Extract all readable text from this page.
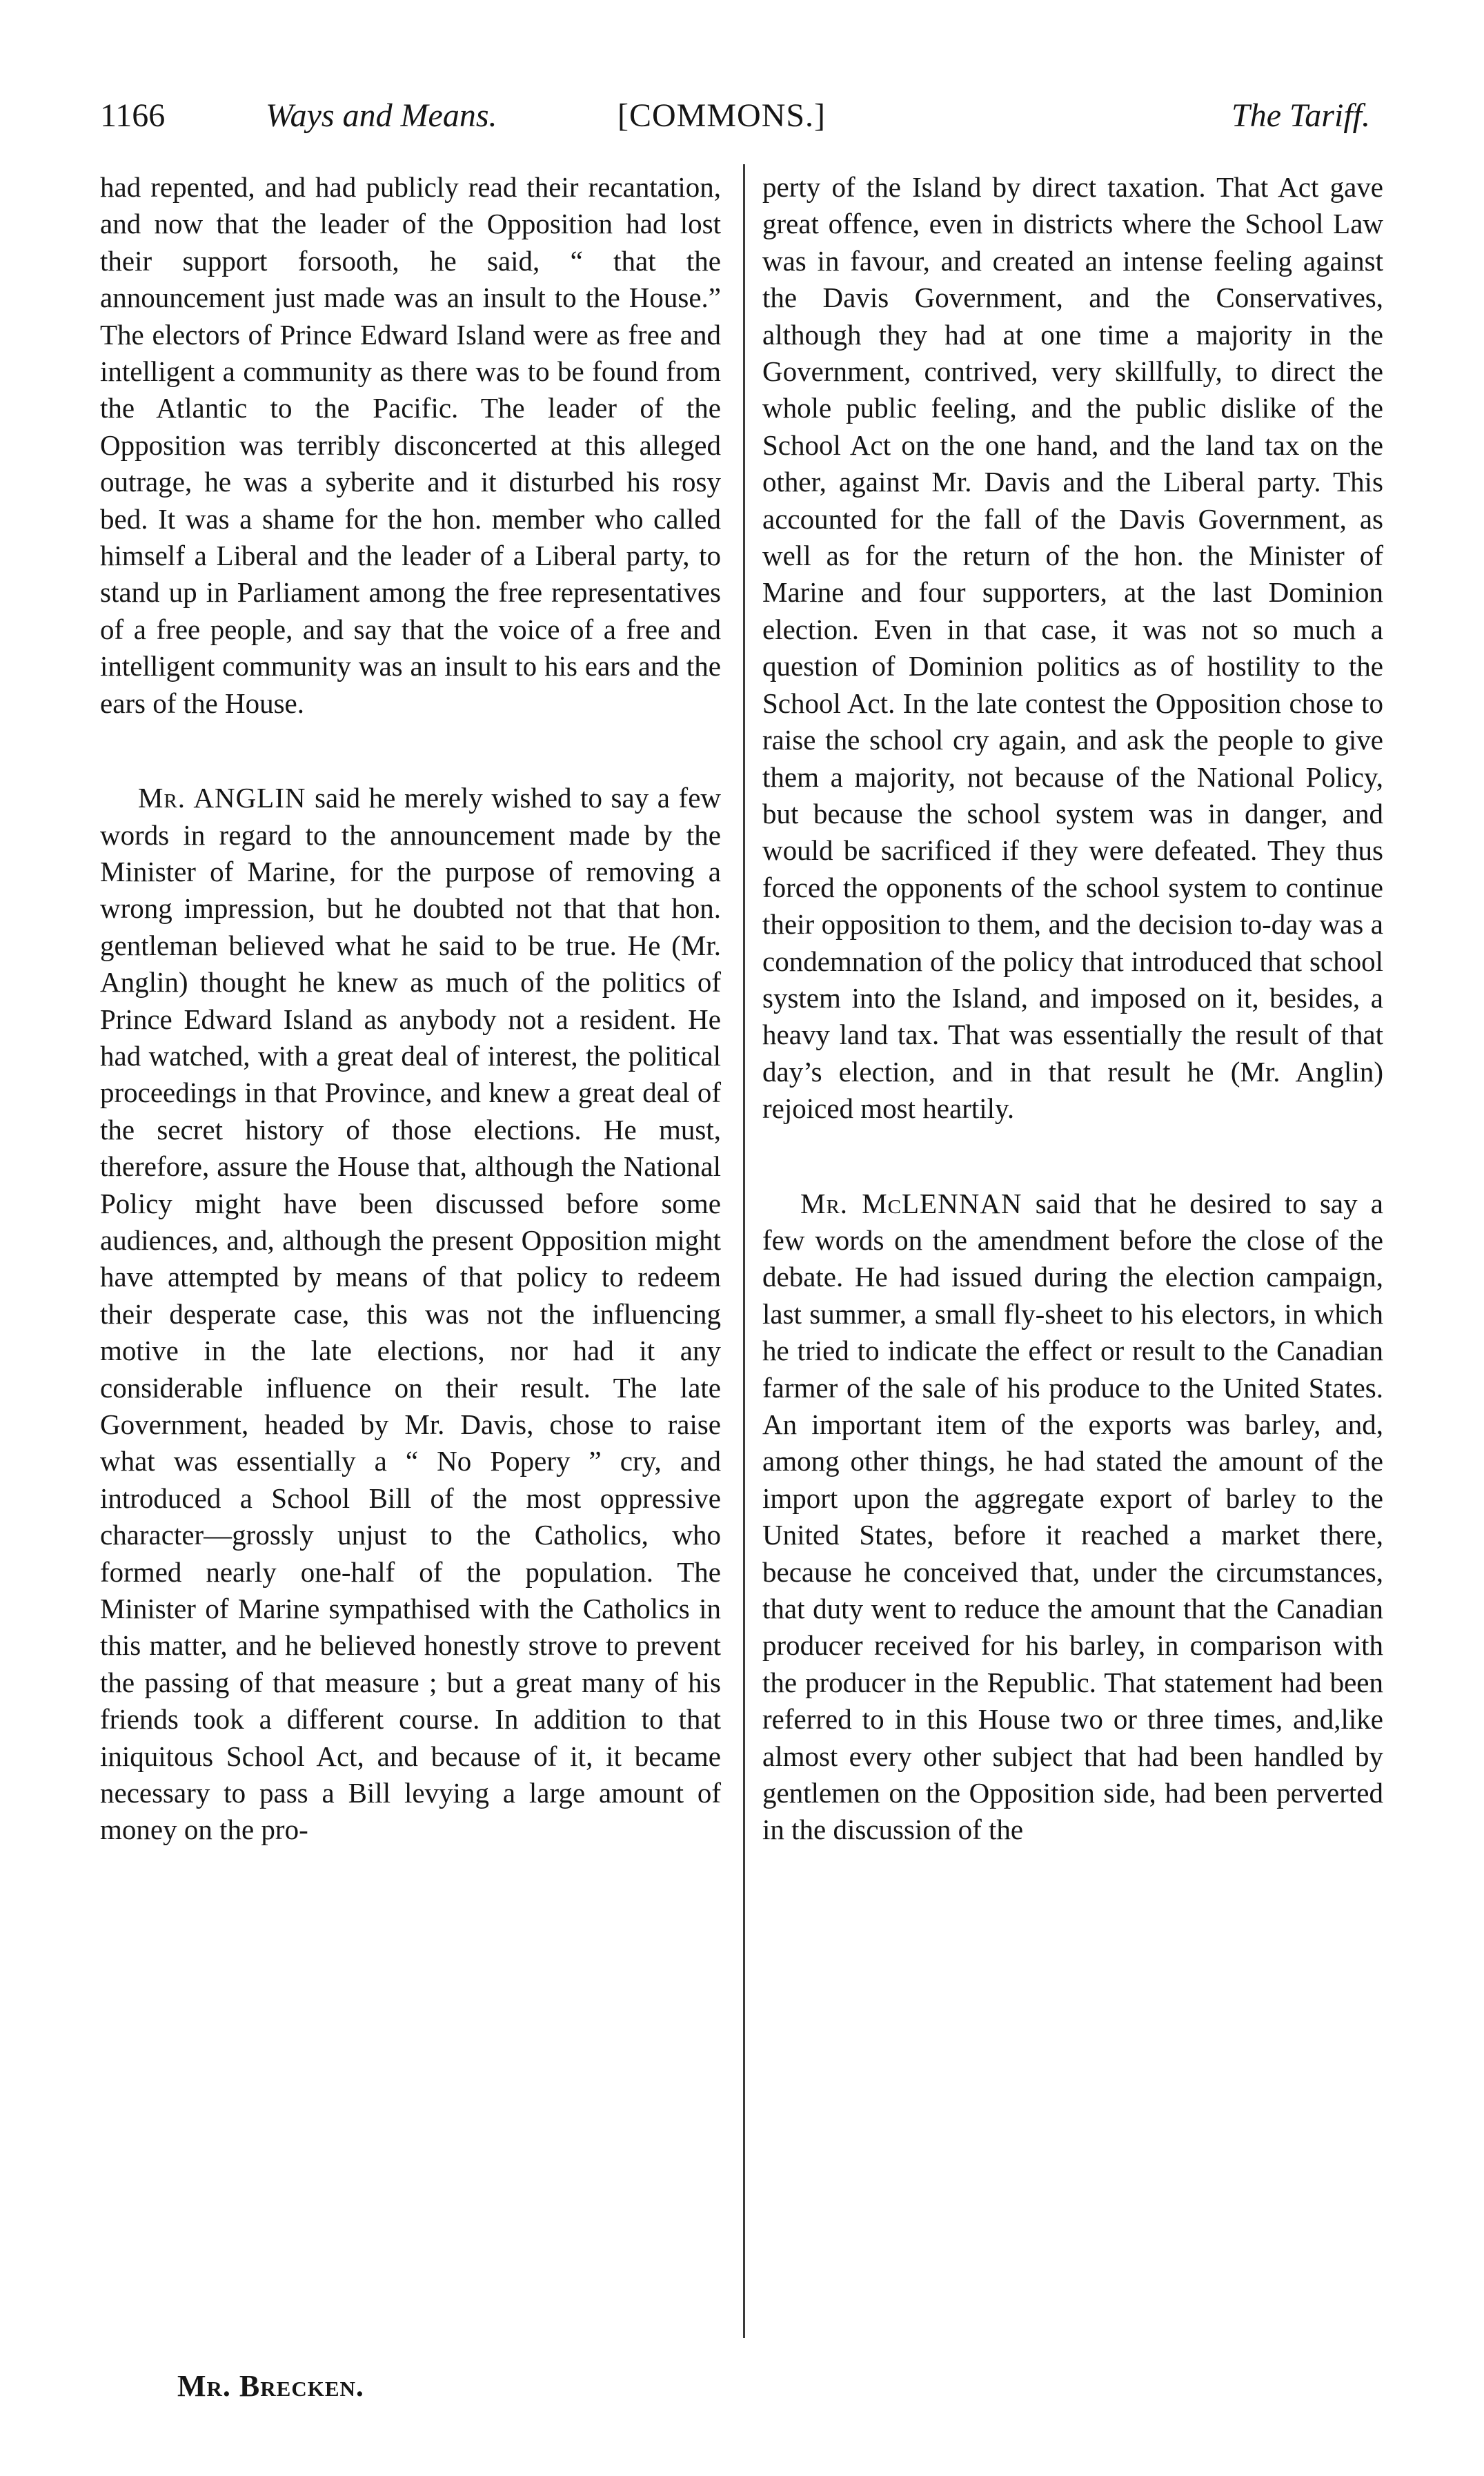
1166	Ways and Means.	[COMMONS.]	The Tariff.

had repented, and had publicly read their recantation, and now that the leader of the Opposition had lost their support forsooth, he said, “ that the announcement just made was an insult to the House.” The electors of Prince Edward Island were as free and intelligent a community as there was to be found from the Atlantic to the Pacific. The leader of the Opposition was terribly disconcerted at this alleged outrage, he was a syberite and it disturbed his rosy bed. It was a shame for the hon. member who called himself a Liberal and the leader of a Liberal party, to stand up in Parliament among the free representatives of a free people, and say that the voice of a free and intelligent community was an insult to his ears and the ears of the House.

Mr. ANGLIN said he merely wished to say a few words in regard to the announcement made by the Minister of Marine, for the purpose of removing a wrong impression, but he doubted not that that hon. gentleman believed what he said to be true. He (Mr. Anglin) thought he knew as much of the politics of Prince Edward Island as anybody not a resident. He had watched, with a great deal of interest, the political proceedings in that Province, and knew a great deal of the secret history of those elections. He must, therefore, assure the House that, although the National Policy might have been discussed before some audiences, and, although the present Opposition might have attempted by means of that policy to redeem their desperate case, this was not the influencing motive in the late elections, nor had it any considerable influence on their result. The late Government, headed by Mr. Davis, chose to raise what was essentially a “ No Popery ” cry, and introduced a School Bill of the most oppressive character—grossly unjust to the Catholics, who formed nearly one-half of the population. The Minister of Marine sympathised with the Catholics in this matter, and he believed honestly strove to prevent the passing of that measure ; but a great many of his friends took a different course. In addition to that iniquitous School Act, and because of it, it became necessary to pass a Bill levying a large amount of money on the pro-

perty of the Island by direct taxation. That Act gave great offence, even in districts where the School Law was in favour, and created an intense feeling against the Davis Government, and the Conservatives, although they had at one time a majority in the Government, contrived, very skillfully, to direct the whole public feeling, and the public dislike of the School Act on the one hand, and the land tax on the other, against Mr. Davis and the Liberal party. This accounted for the fall of the Davis Government, as well as for the return of the hon. the Minister of Marine and four supporters, at the last Dominion election. Even in that case, it was not so much a question of Dominion politics as of hostility to the School Act. In the late contest the Opposition chose to raise the school cry again, and ask the people to give them a majority, not because of the National Policy, but because the school system was in danger, and would be sacrificed if they were defeated. They thus forced the opponents of the school system to continue their opposition to them, and the decision to-day was a condemnation of the policy that introduced that school system into the Island, and imposed on it, besides, a heavy land tax. That was essentially the result of that day’s election, and in that result he (Mr. Anglin) rejoiced most heartily.

Mr. McLENNAN said that he desired to say a few words on the amendment before the close of the debate. He had issued during the election campaign, last summer, a small fly-sheet to his electors, in which he tried to indicate the effect or result to the Canadian farmer of the sale of his produce to the United States. An important item of the exports was barley, and, among other things, he had stated the amount of the import upon the aggregate export of barley to the United States, before it reached a market there, because he conceived that, under the circumstances, that duty went to reduce the amount that the Canadian producer received for his barley, in comparison with the producer in the Republic. That statement had been referred to in this House two or three times, and,like almost every other subject that had been handled by gentlemen on the Opposition side, had been perverted in the discussion of the

Mr. Brecken.
